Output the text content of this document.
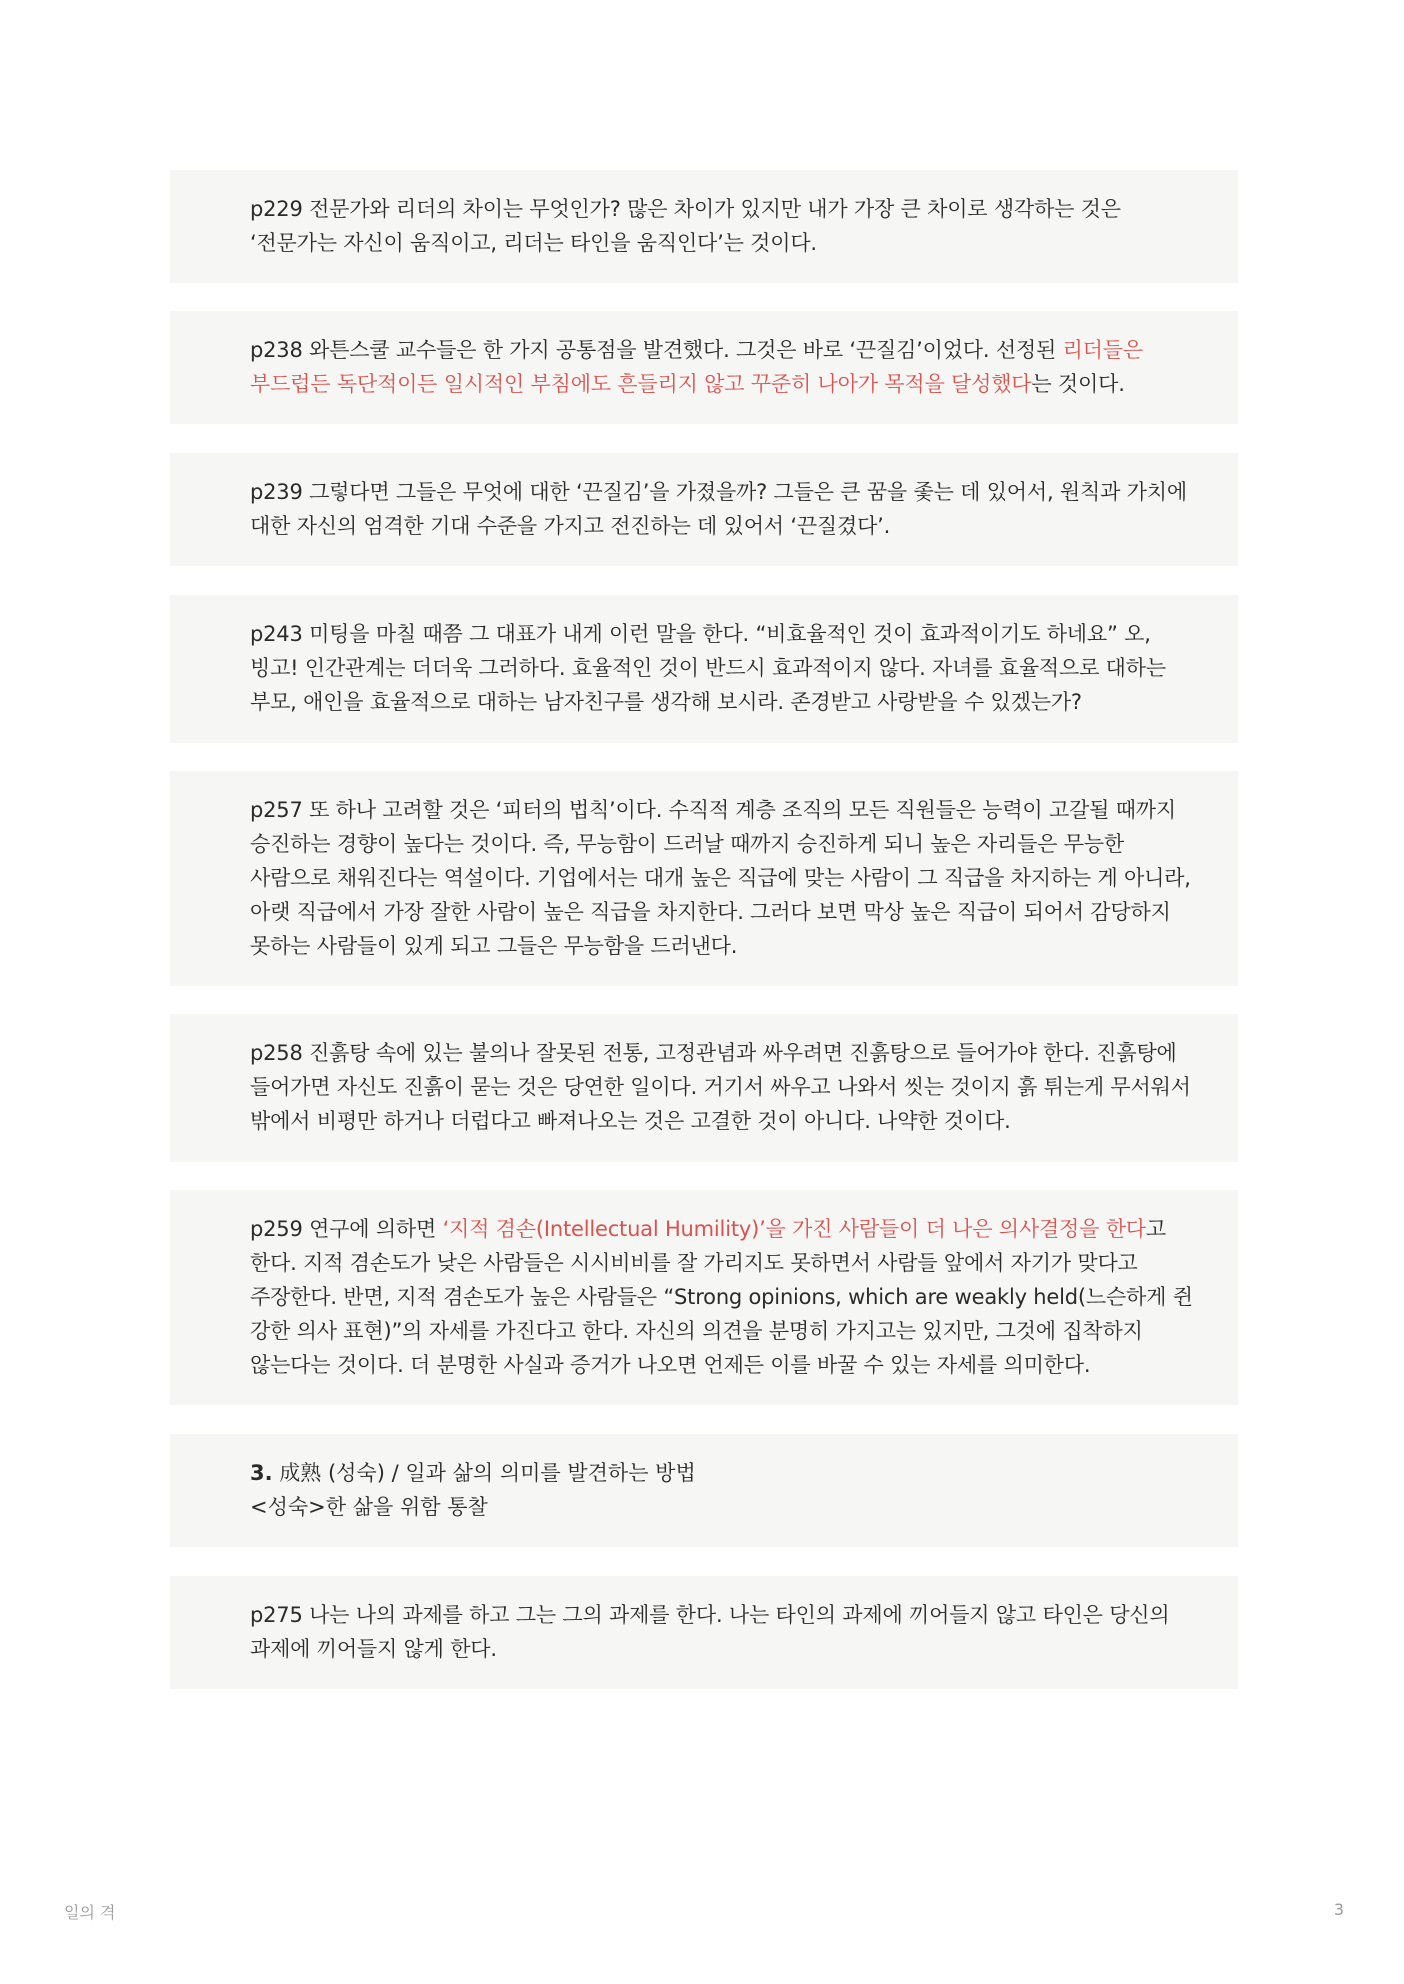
p229 전문가와 리더의 차이는 무엇인가? 많은 차이가 있지만 내가 가장 큰 차이로 생각하는 것은 ‘전문가는 자신이 움직이고, 리더는 타인을 움직인다’는 것이다.

p238 와튼스쿨 교수들은 한 가지 공통점을 발견했다. 그것은 바로 ‘끈질김’이었다. 선정된 리더들은 부드럽든 독단적이든 일시적인 부침에도 흔들리지 않고 꾸준히 나아가 목적을 달성했다는 것이다.

p239 그렇다면 그들은 무엇에 대한 ‘끈질김’을 가졌을까? 그들은 큰 꿈을 좇는 데 있어서, 원칙과 가치에 대한 자신의 엄격한 기대 수준을 가지고 전진하는 데 있어서 ‘끈질겼다’.

p243 미팅을 마칠 때쯤 그 대표가 내게 이런 말을 한다. “비효율적인 것이 효과적이기도 하네요” 오, 빙고! 인간관계는 더더욱 그러하다. 효율적인 것이 반드시 효과적이지 않다. 자녀를 효율적으로 대하는 부모, 애인을 효율적으로 대하는 남자친구를 생각해 보시라. 존경받고 사랑받을 수 있겠는가?

p257 또 하나 고려할 것은 ‘피터의 법칙’이다. 수직적 계층 조직의 모든 직원들은 능력이 고갈될 때까지 승진하는 경향이 높다는 것이다. 즉, 무능함이 드러날 때까지 승진하게 되니 높은 자리들은 무능한 사람으로 채워진다는 역설이다. 기업에서는 대개 높은 직급에 맞는 사람이 그 직급을 차지하는 게 아니라, 아랫 직급에서 가장 잘한 사람이 높은 직급을 차지한다. 그러다 보면 막상 높은 직급이 되어서 감당하지 못하는 사람들이 있게 되고 그들은 무능함을 드러낸다.

p258 진흙탕 속에 있는 불의나 잘못된 전통, 고정관념과 싸우려면 진흙탕으로 들어가야 한다. 진흙탕에 들어가면 자신도 진흙이 묻는 것은 당연한 일이다. 거기서 싸우고 나와서 씻는 것이지 흙 튀는게 무서워서 밖에서 비평만 하거나 더럽다고 빠져나오는 것은 고결한 것이 아니다. 나약한 것이다.

p259 연구에 의하면 ‘지적 겸손(Intellectual Humility)’을 가진 사람들이 더 나은 의사결정을 한다고 한다. 지적 겸손도가 낮은 사람들은 시시비비를 잘 가리지도 못하면서 사람들 앞에서 자기가 맞다고 주장한다. 반면, 지적 겸손도가 높은 사람들은 “Strong opinions, which are weakly held(느슨하게 쥔 강한 의사 표현)”의 자세를 가진다고 한다. 자신의 의견을 분명히 가지고는 있지만, 그것에 집착하지 않는다는 것이다. 더 분명한 사실과 증거가 나오면 언제든 이를 바꿀 수 있는 자세를 의미한다.

3. 成熟 (성숙) / 일과 삶의 의미를 발견하는 방법
<성숙>한 삶을 위함 통찰

p275 나는 나의 과제를 하고 그는 그의 과제를 한다. 나는 타인의 과제에 끼어들지 않고 타인은 당신의 과제에 끼어들지 않게 한다.

일의 격	3
